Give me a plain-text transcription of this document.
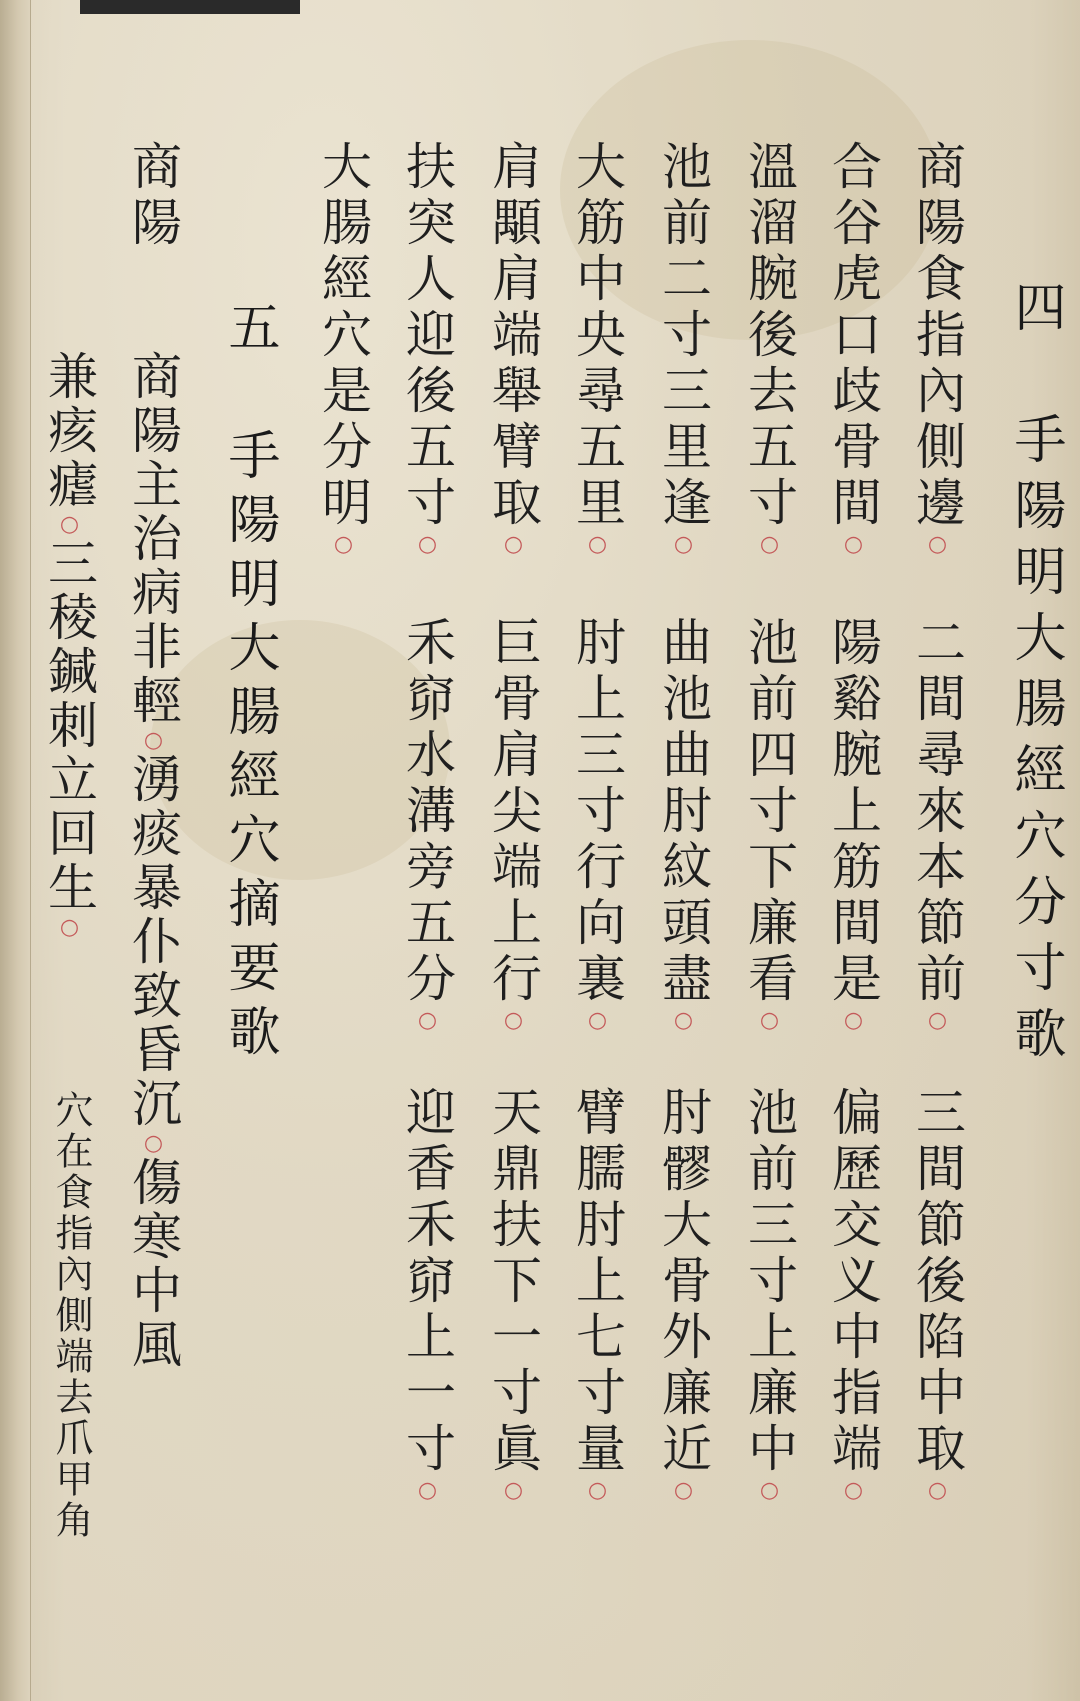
四　手陽明大腸經穴分寸歌
商陽食指內側邊○
合谷虎口歧骨間○
溫溜腕後去五寸○
池前二寸三里逢○
大筋中央尋五里○
肩顒肩端舉臂取○
扶突人迎後五寸○
大腸經穴是分明○
二間尋來本節前○
陽谿腕上筋間是○
池前四寸下廉看○
曲池曲肘紋頭盡○
肘上三寸行向裏○
巨骨肩尖端上行○
禾窌水溝旁五分○
三間節後陷中取○
偏歷交义中指端○
池前三寸上廉中○
肘髎大骨外廉近○
臂臑肘上七寸量○
天鼎扶下一寸眞○
迎香禾窌上一寸○
五　手陽明大腸經穴摘要歌
商陽
商陽主治病非輕○湧痰暴仆致昏沉○傷寒中風
兼痎瘧○三稜鍼刺立回生○
穴在食指內側端去爪甲角
